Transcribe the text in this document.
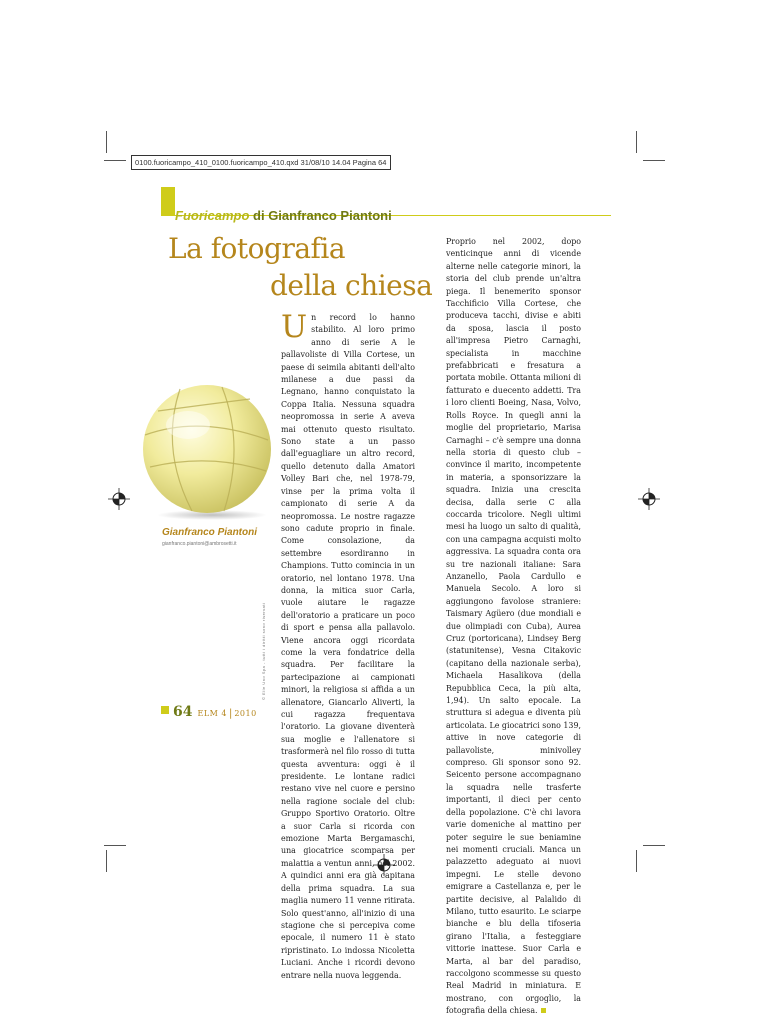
0100.fuoricampo_410_0100.fuoricampo_410.qxd 31/08/10 14.04 Pagina 64
Fuoricampo di Gianfranco Piantoni
La fotografia
della chiesa
Gianfranco Piantoni
gianfranco.piantoni@ambrosetti.it
© Elle Uno Spa - tutti i diritti sono riservati
U n record lo hanno stabilito. Al loro primo anno di serie A le pallavoliste di Villa Cortese, un paese di seimila abitanti dell'alto milanese a due passi da Legnano, hanno conquistato la Coppa Italia. Nessuna squadra neopromossa in serie A aveva mai ottenuto questo risultato. Sono state a un passo dall'eguagliare un altro record, quello detenuto dalla Amatori Volley Bari che, nel 1978-79, vinse per la prima volta il campionato di serie A da neopromossa. Le nostre ragazze sono cadute proprio in finale. Come consolazione, da settembre esordiranno in Champions. Tutto comincia in un oratorio, nel lontano 1978. Una donna, la mitica suor Carla, vuole aiutare le ragazze dell'oratorio a praticare un poco di sport e pensa alla pallavolo. Viene ancora oggi ricordata come la vera fondatrice della squadra. Per facilitare la partecipazione ai campionati minori, la religiosa si affida a un allenatore, Giancarlo Aliverti, la cui ragazza frequentava l'oratorio. La giovane diventerà sua moglie e l'allenatore si trasformerà nel filo rosso di tutta questa avventura: oggi è il presidente. Le lontane radici restano vive nel cuore e persino nella ragione sociale del club: Gruppo Sportivo Oratorio. Oltre a suor Carla si ricorda con emozione Marta Bergamaschi, una giocatrice scomparsa per malattia a ventun anni, nel 2002. A quindici anni era già capitana della prima squadra. La sua maglia numero 11 venne ritirata. Solo quest'anno, all'inizio di una stagione che si percepiva come epocale, il numero 11 è stato ripristinato. Lo indossa Nicoletta Luciani. Anche i ricordi devono entrare nella nuova leggenda.
Proprio nel 2002, dopo venticinque anni di vicende alterne nelle categorie minori, la storia del club prende un'altra piega. Il benemerito sponsor Tacchificio Villa Cortese, che produceva tacchi, divise e abiti da sposa, lascia il posto all'impresa Pietro Carnaghi, specialista in macchine prefabbricati e fresatura a portata mobile. Ottanta milioni di fatturato e duecento addetti. Tra i loro clienti Boeing, Nasa, Volvo, Rolls Royce. In quegli anni la moglie del proprietario, Marisa Carnaghi – c'è sempre una donna nella storia di questo club – convince il marito, incompetente in materia, a sponsorizzare la squadra. Inizia una crescita decisa, dalla serie C alla coccarda tricolore. Negli ultimi mesi ha luogo un salto di qualità, con una campagna acquisti molto aggressiva. La squadra conta ora su tre nazionali italiane: Sara Anzanello, Paola Cardullo e Manuela Secolo. A loro si aggiungono favolose straniere: Taismary Agüero (due mondiali e due olimpiadi con Cuba), Aurea Cruz (portoricana), Lindsey Berg (statunitense), Vesna Citakovic (capitano della nazionale serba), Michaela Hasalikova (della Repubblica Ceca, la più alta, 1,94). Un salto epocale. La struttura si adegua e diventa più articolata. Le giocatrici sono 139, attive in nove categorie di pallavoliste, minivolley compreso. Gli sponsor sono 92. Seicento persone accompagnano la squadra nelle trasferte importanti, il dieci per cento della popolazione. C'è chi lavora varie domeniche al mattino per poter seguire le sue beniamine nei momenti cruciali. Manca un palazzetto adeguato ai nuovi impegni. Le stelle devono emigrare a Castellanza e, per le partite decisive, al Palalido di Milano, tutto esaurito. Le sciarpe bianche e blu della tifoseria girano l'Italia, a festeggiare vittorie inattese. Suor Carla e Marta, al bar del paradiso, raccolgono scommesse su questo Real Madrid in miniatura. E mostrano, con orgoglio, la fotografia della chiesa.
64 ELM 4 | 2010
